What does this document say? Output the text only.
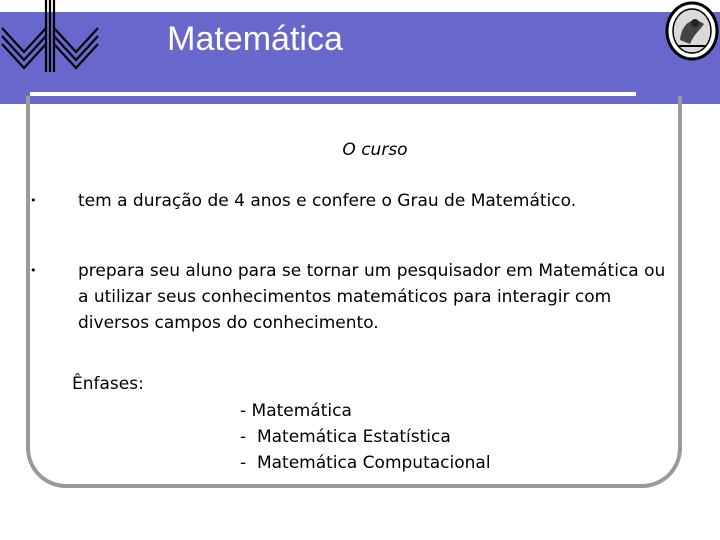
Matemática
O curso
• tem a duração de 4 anos e confere o Grau de Matemático.
• prepara seu aluno para se tornar um pesquisador em Matemática ou a utilizar seus conhecimentos matemáticos para interagir com diversos campos do conhecimento.
Ênfases:
- Matemática
-  Matemática Estatística
-  Matemática Computacional
